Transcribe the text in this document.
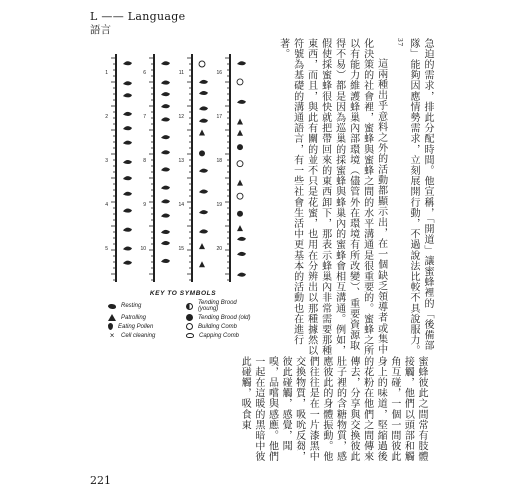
L —— Language
語言
1
2
3
4
5
6
7
8
9
10
11
12
13
14
15
16
17
18
19
20
KEY TO SYMBOLS
Resting	Tending Brood (young)
Patrolling	Tending Brood (old)
Eating Pollen	Building Comb
×
Cell cleaning	Capping Comb	急迫的需求，排此分配時間。他宣稱，「開道」讓蜜蜂裡的「後備部隊」能夠因應情勢需求，立刻展開行動，不過說法比較不具說服力。$^{37}$

這兩種出乎意料之外的活動都顯示出，在一個缺乏領導者或集中化決策的社會裡，蜜蜂與蜜蜂之間的水平溝通是很重要的。蜜蜂之所以有能力維護蜂巢內部環境（儘管外在環境有所改變）、重要資源取得不易）都是因為巡巢的採蜜蜂與蜂巢內的蜜蜂會相互溝通。例如，假使採蜜蜂很快就把帶回來的東西卸下，那表示蜂巢內非常需要那種東西，而且，與此有關的並不只是花蜜，也用在分辨出以那種據然以符號為基礎的溝通語言，有一些社會生活中更基本的活動也在進行著。

蜜蜂彼此之間常有肢體接觸，他們以頭部和觸角互碰，一個一間彼此身上的味道，堅縮過後的花粉在他們之間傳來傳去，分享與交換彼此肚子裡的含糖物質，感應彼此的身體振動。他們往往是在一片漆黑中交換物質，吸吮反芻，彼此碰觸，感覺，聞嗅，品嚐與感應。他們一起在這暖的黑暗中彼此碰觸，吸食東

221
